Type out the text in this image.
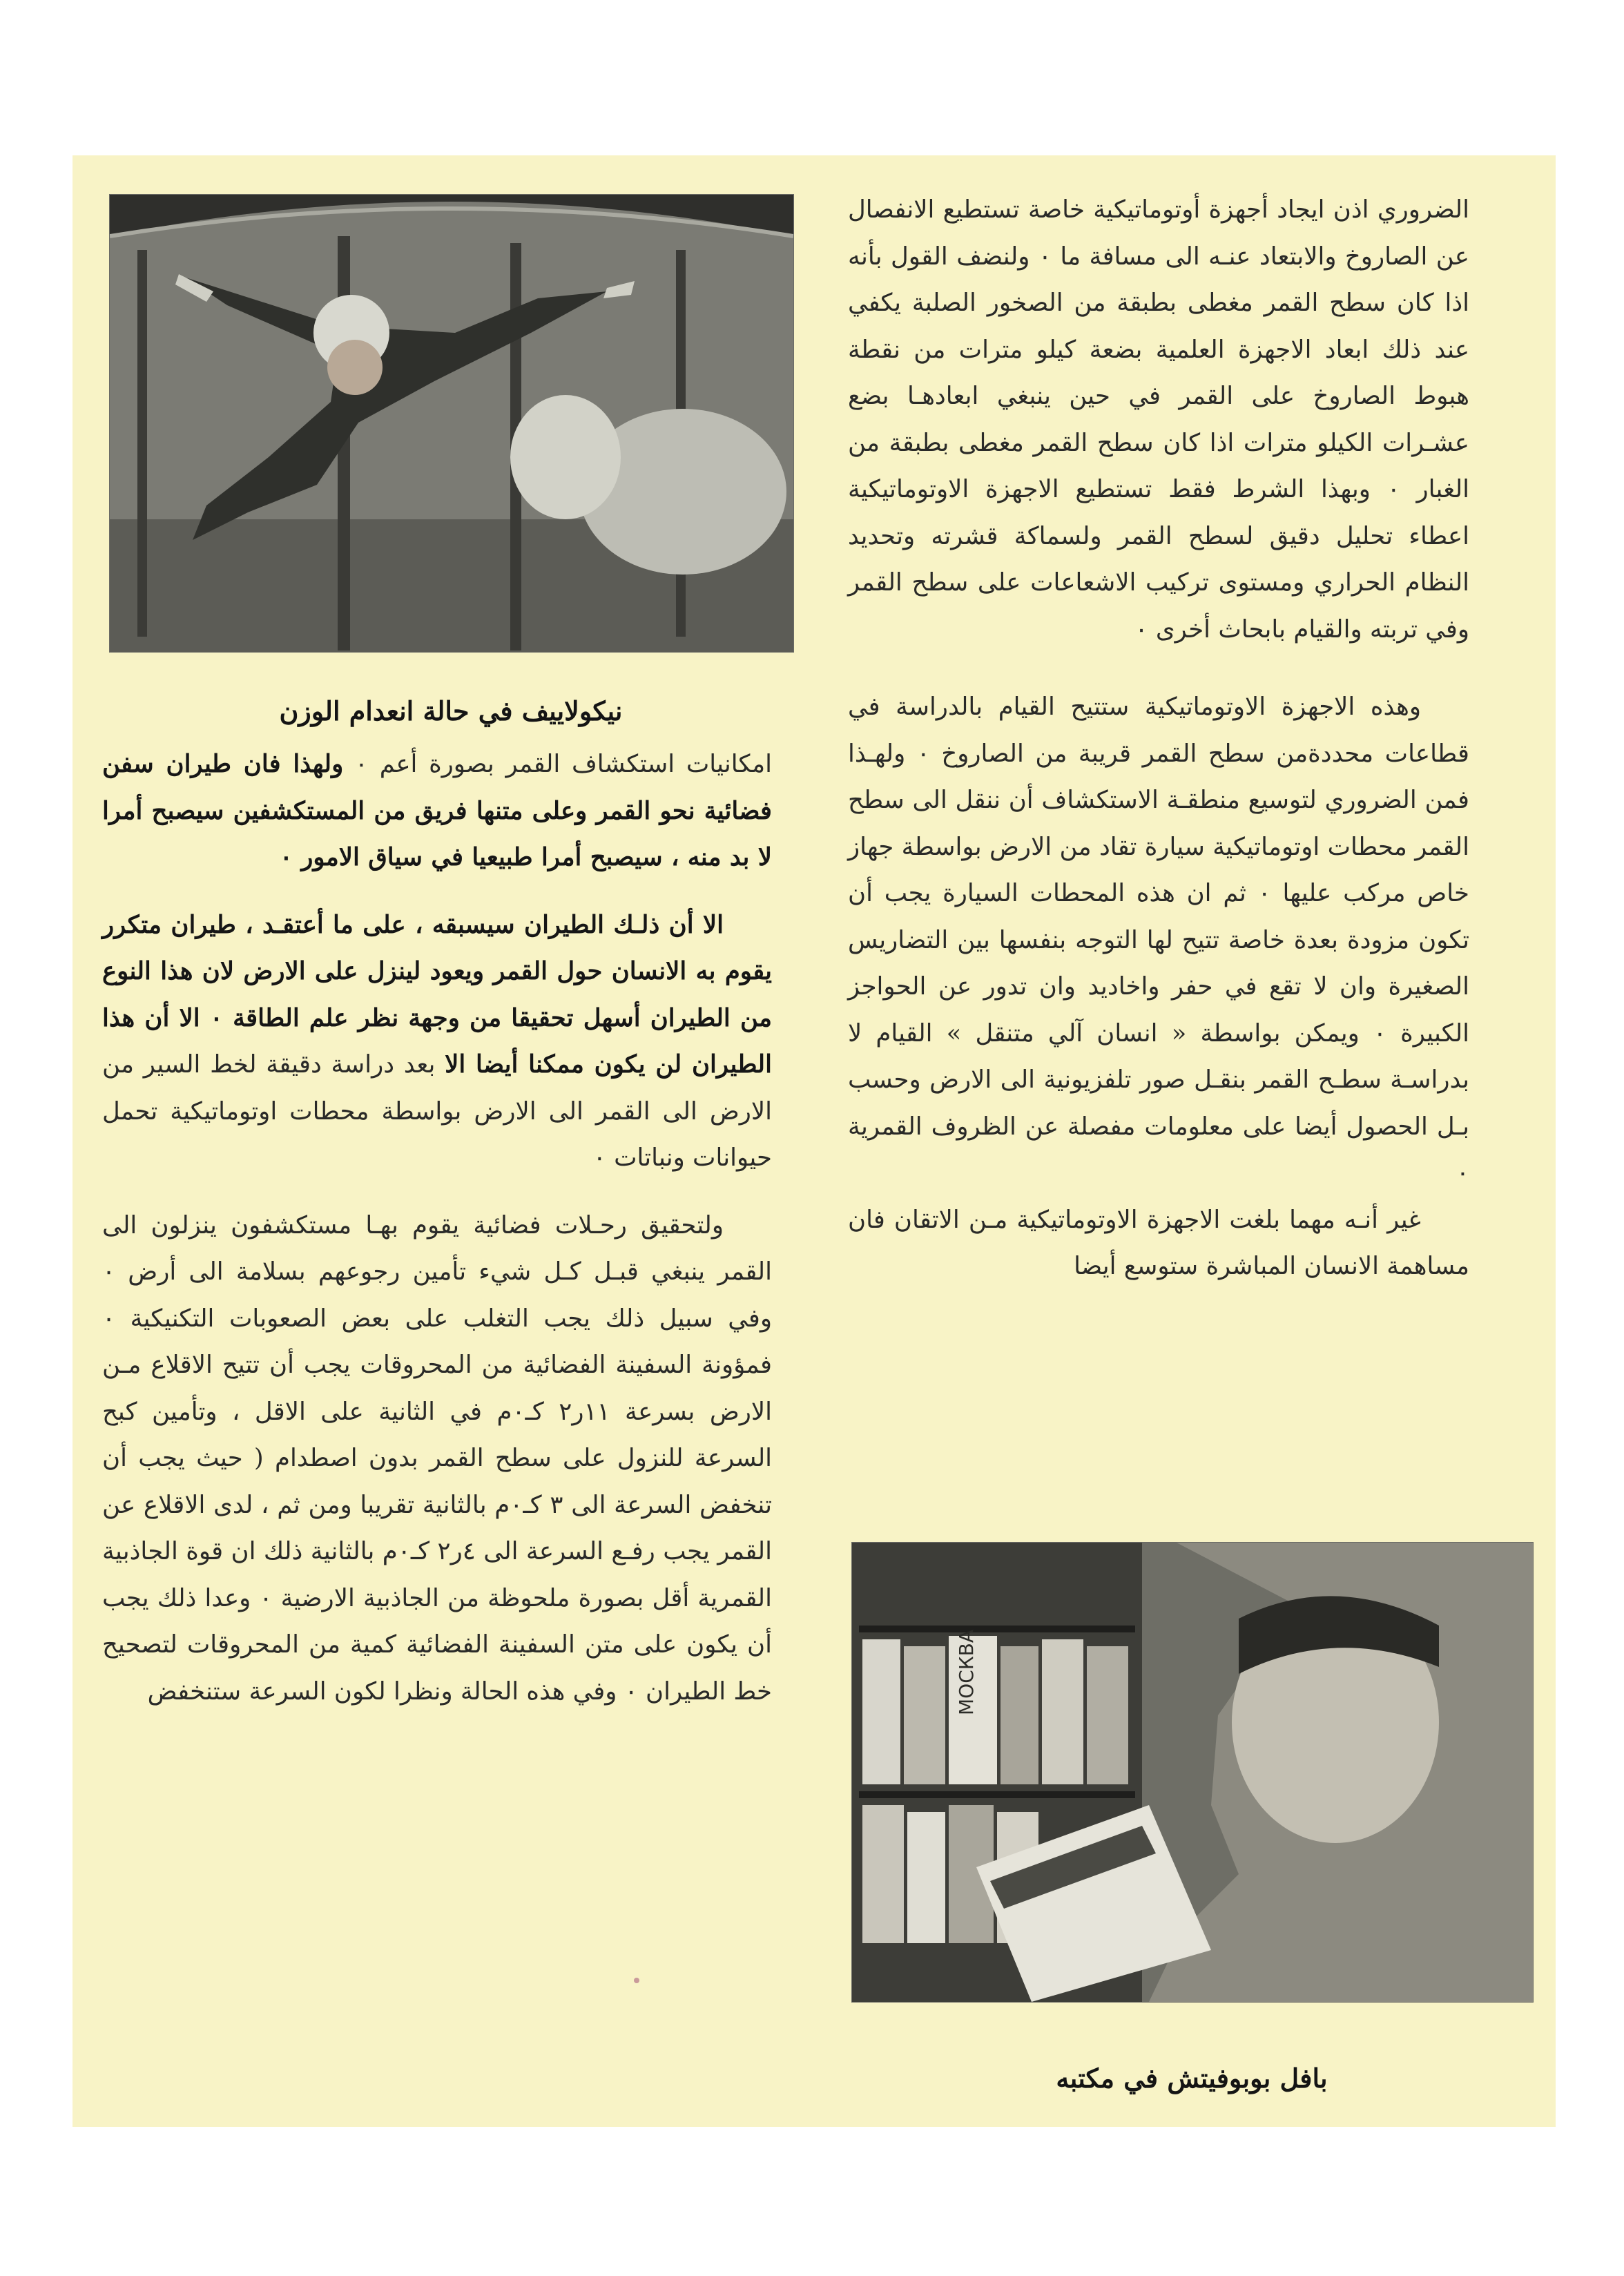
نيكولاييف في حالة انعدام الوزن
МОСКВА
بافل بوبوفيتش في مكتبه

الضروري اذن ايجاد أجهزة أوتوماتيكية خاصة تستطيع الانفصال عن الصاروخ والابتعاد عنـه الى مسافة ما ٠ ولنضف القول بأنه اذا كان سطح القمر مغطى بطبقة من الصخور الصلبة يكفي عند ذلك ابعاد الاجهزة العلمية بضعة كيلو مترات من نقطة هبوط الصاروخ على القمر في حين ينبغي ابعادهـا بضع عشـرات الكيلو مترات اذا كان سطح القمر مغطى بطبقة من الغبار ٠ وبهذا الشرط فقط تستطيع الاجهزة الاوتوماتيكية اعطاء تحليل دقيق لسطح القمر ولسماكة قشرته وتحديد النظام الحراري ومستوى تركيب الاشعاعات على سطح القمر وفي تربته والقيام بابحاث أخرى ٠

وهذه الاجهزة الاوتوماتيكية ستتيح القيام بالدراسة في قطاعات محددةمن سطح القمر قريبة من الصاروخ ٠ ولهـذا فمن الضروري لتوسيع منطقـة الاستكشاف أن ننقل الى سطح القمر محطات اوتوماتيكية سيارة تقاد من الارض بواسطة جهاز خاص مركب عليها ٠ ثم ان هذه المحطات السيارة يجب أن تكون مزودة بعدة خاصة تتيح لها التوجه بنفسها بين التضاريس الصغيرة وان لا تقع في حفر واخاديد وان تدور عن الحواجز الكبيرة ٠ ويمكن بواسطة « انسان آلي متنقل » القيام لا بدراسـة سطـح القمر بنقـل صور تلفزيونية الى الارض وحسب بـل الحصول أيضا على معلومات مفصلة عن الظروف القمرية ٠

غير أنـه مهما بلغت الاجهزة الاوتوماتيكية مـن الاتقان فان مساهمة الانسان المباشرة ستوسع أيضا

امكانيات استكشاف القمر بصورة أعم ٠ ولهذا فان طيران سفن فضائية نحو القمر وعلى متنها فريق من المستكشفين سيصبح أمرا لا بد منه ، سيصبح أمرا طبيعيا في سياق الامور ٠

الا أن ذلـك الطيران سيسبقه ، على ما أعتقـد ، طيران متكرر يقوم به الانسان حول القمر ويعود لينزل على الارض لان هذا النوع من الطيران أسهل تحقيقا من وجهة نظر علم الطاقة ٠ الا أن هذا الطيران لن يكون ممكنا أيضا الا بعد دراسة دقيقة لخط السير من الارض الى القمر الى الارض بواسطة محطات اوتوماتيكية تحمل حيوانات ونباتات ٠

ولتحقيق رحـلات فضائية يقوم بهـا مستكشفون ينزلون الى القمر ينبغي قبـل كـل شيء تأمين رجوعهم بسلامة الى أرض ٠ وفي سبيل ذلك يجب التغلب على بعض الصعوبات التكنيكية ٠ فمؤونة السفينة الفضائية من المحروقات يجب أن تتيح الاقلاع مـن الارض بسرعة ١١ر٢ كـ٠م في الثانية على الاقل ، وتأمين كبح السرعة للنزول على سطح القمر بدون اصطدام ( حيث يجب أن تنخفض السرعة الى ٣ كـ٠م بالثانية تقريبا ومن ثم ، لدى الاقلاع عن القمر يجب رفـع السرعة الى ٤ر٢ كـ٠م بالثانية ذلك ان قوة الجاذبية القمرية أقل بصورة ملحوظة من الجاذبية الارضية ٠ وعدا ذلك يجب أن يكون على متن السفينة الفضائية كمية من المحروقات لتصحيح خط الطيران ٠ وفي هذه الحالة ونظرا لكون السرعة ستنخفض
